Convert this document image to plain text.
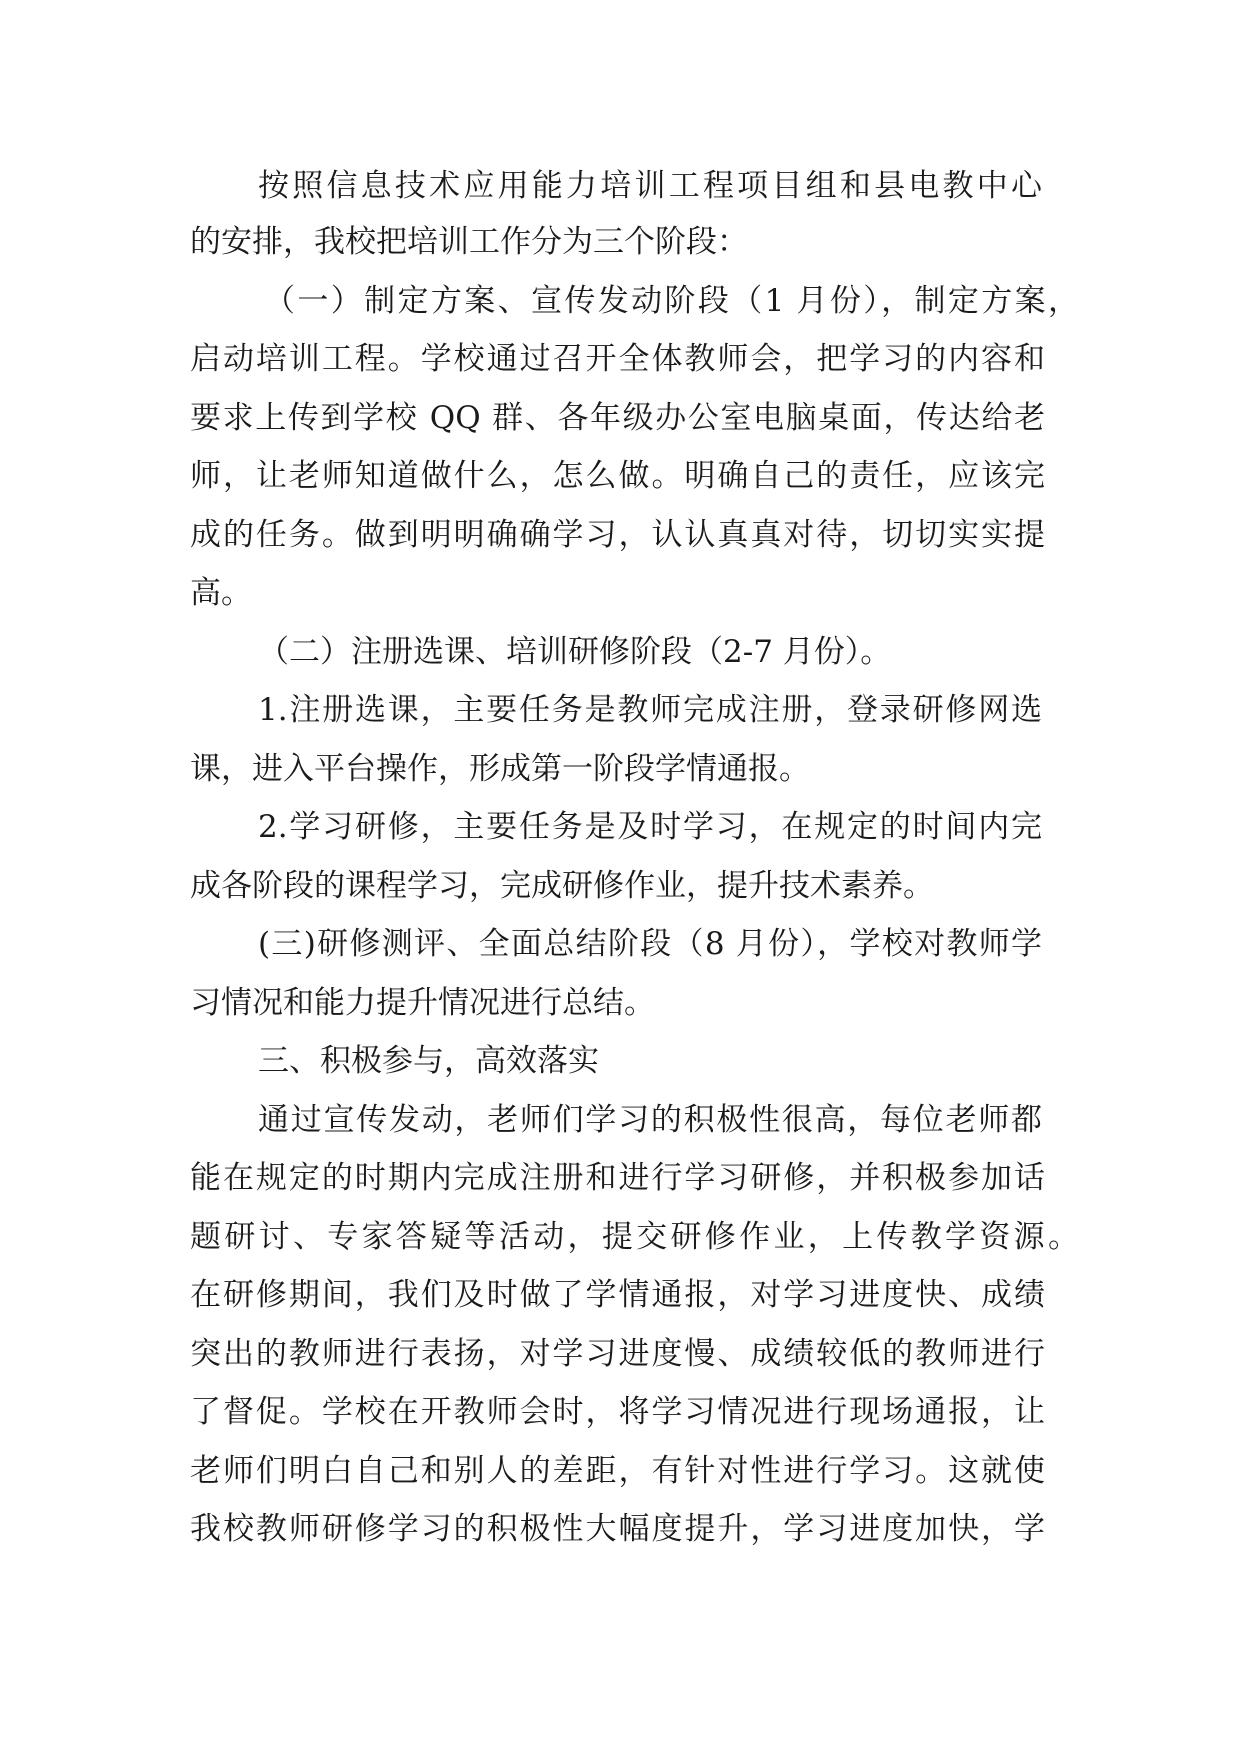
按照信息技术应用能力培训工程项目组和县电教中心

的安排，我校把培训工作分为三个阶段：

（一）制定方案、宣传发动阶段（1 月份），制定方案，

启动培训工程。学校通过召开全体教师会，把学习的内容和

要求上传到学校 QQ 群、各年级办公室电脑桌面，传达给老

师，让老师知道做什么，怎么做。明确自己的责任，应该完

成的任务。做到明明确确学习，认认真真对待，切切实实提

高。

（二）注册选课、培训研修阶段（2-7 月份）。

1.注册选课，主要任务是教师完成注册，登录研修网选

课，进入平台操作，形成第一阶段学情通报。

2.学习研修，主要任务是及时学习，在规定的时间内完

成各阶段的课程学习，完成研修作业，提升技术素养。

(三)研修测评、全面总结阶段（8 月份），学校对教师学

习情况和能力提升情况进行总结。

三、积极参与，高效落实

通过宣传发动，老师们学习的积极性很高，每位老师都

能在规定的时期内完成注册和进行学习研修，并积极参加话

题研讨、专家答疑等活动，提交研修作业，上传教学资源。

在研修期间，我们及时做了学情通报，对学习进度快、成绩

突出的教师进行表扬，对学习进度慢、成绩较低的教师进行

了督促。学校在开教师会时，将学习情况进行现场通报，让

老师们明白自己和别人的差距，有针对性进行学习。这就使

我校教师研修学习的积极性大幅度提升，学习进度加快，学
